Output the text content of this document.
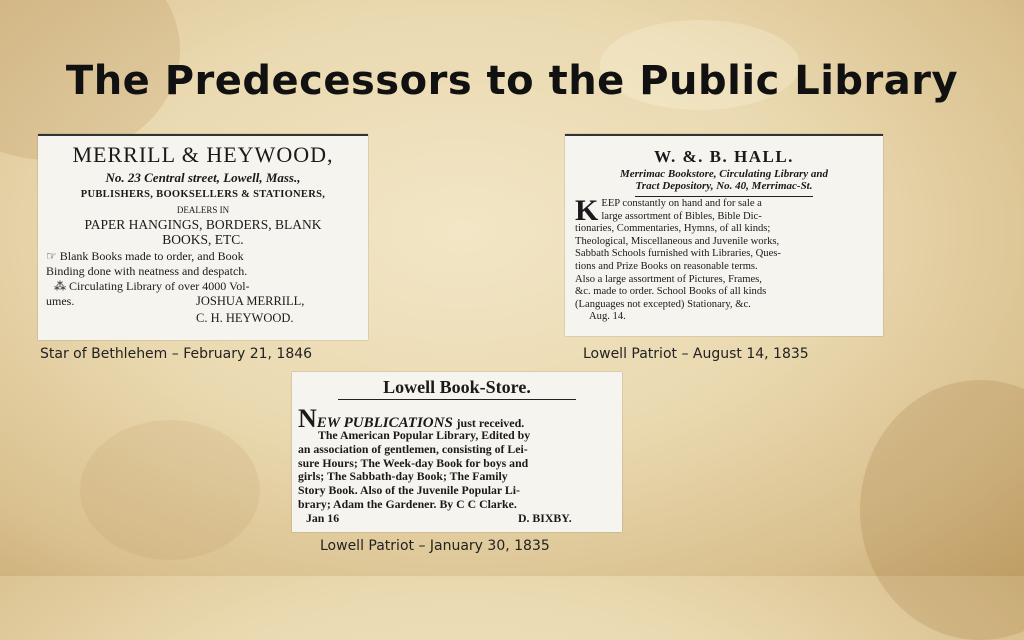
The Predecessors to the Public Library
MERRILL & HEYWOOD,
No. 23 Central street, Lowell, Mass.,
PUBLISHERS, BOOKSELLERS & STATIONERS,
DEALERS IN
PAPER HANGINGS, BORDERS, BLANK
BOOKS, ETC.
☞ Blank Books made to order, and Book
Binding done with neatness and despatch.
⁂ Circulating Library of over 4000 Vol-
umes.	JOSHUA MERRILL,
C. H. HEYWOOD.
Star of Bethlehem – February 21, 1846
W. &. B. HALL.
Merrimac Bookstore, Circulating Library and
Tract Depository, No. 40, Merrimac-St.
K EEP constantly on hand and for sale a
large assortment of Bibles, Bible Dic-
tionaries, Commentaries, Hymns, of all kinds;
Theological, Miscellaneous and Juvenile works,
Sabbath Schools furnished with Libraries, Ques-
tions and Prize Books on reasonable terms.
Also a large assortment of Pictures, Frames,
&c. made to order. School Books of all kinds
(Languages not excepted) Stationary, &c.
Aug. 14.
Lowell Patriot – August 14, 1835
Lowell Book-Store.
NEW PUBLICATIONS just received.
The American Popular Library, Edited by
an association of gentlemen, consisting of Lei-
sure Hours; The Week-day Book for boys and
girls; The Sabbath-day Book; The Family
Story Book. Also of the Juvenile Popular Li-
brary; Adam the Gardener. By C C Clarke.
Jan 16	D. BIXBY.
Lowell Patriot – January 30, 1835
